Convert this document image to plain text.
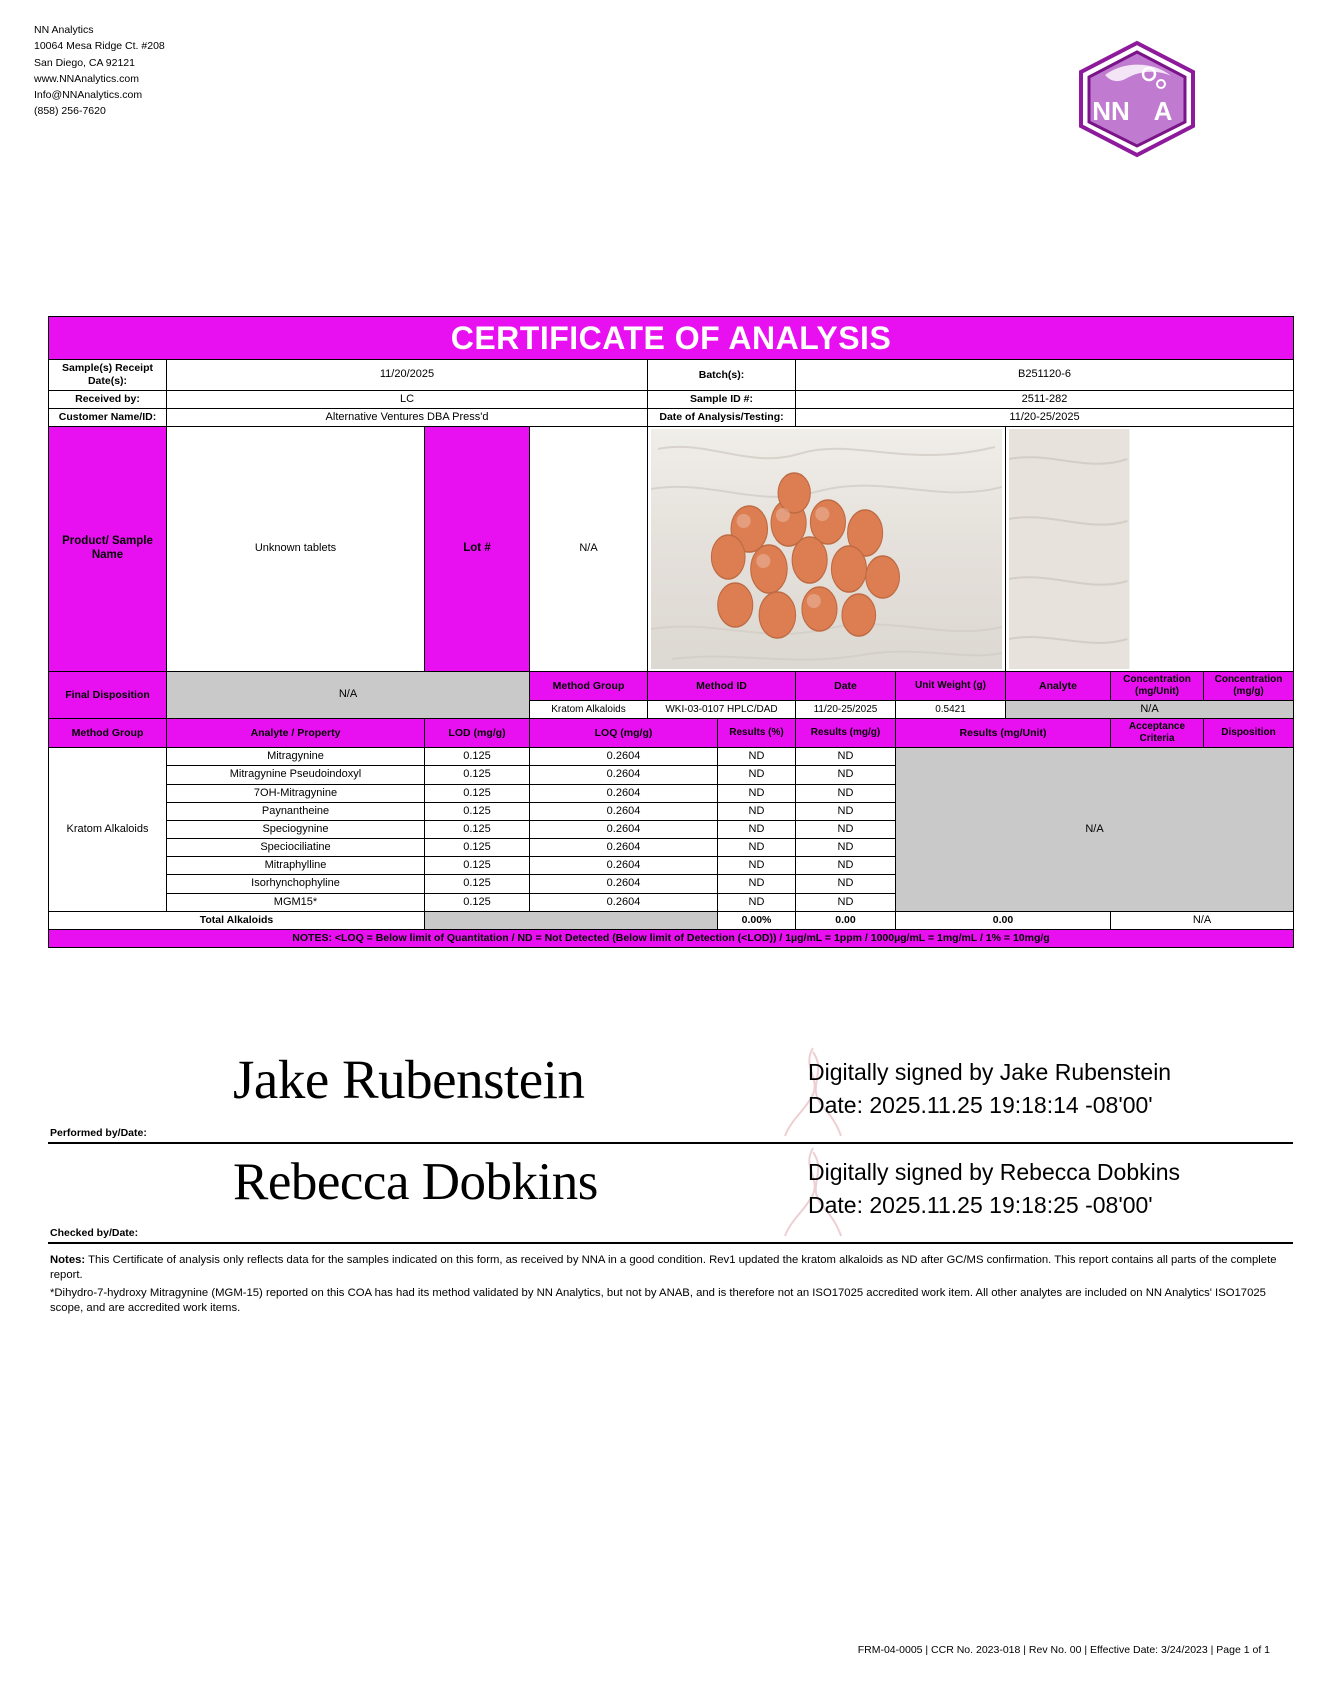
NN Analytics
10064 Mesa Ridge Ct. #208
San Diego, CA 92121
www.NNAnalytics.com
Info@NNAnalytics.com
(858) 256-7620	NN A
CERTIFICATE OF ANALYSIS										
Sample(s) Receipt Date(s):	11/20/2025			Batch(s):		B251120-6				
Received by:	LC			Sample ID #:		2511-282				
Customer Name/ID:	Alternative Ventures DBA Press'd			Date of Analysis/Testing:		11/20-25/2025				
Product/ Sample Name	Unknown tablets	Lot #	N/A	

Final Disposition	N/A		Method Group	Method ID		Date	Unit Weight (g)	Analyte	Concentration (mg/Unit)	Concentration (mg/g)
			Kratom Alkaloids	WKI-03-0107 HPLC/DAD		11/20-25/2025	0.5421	N/A		
Method Group	Analyte / Property	LOD (mg/g)	LOQ (mg/g)		Results (%)	Results (mg/g)	Results (mg/Unit)		Acceptance Criteria	Disposition
Kratom Alkaloids	Mitragynine	0.125	0.2604		ND	ND	N/A			
	Mitragynine Pseudoindoxyl	0.125	0.2604		ND	ND				
	7OH-Mitragynine	0.125	0.2604		ND	ND				
	Paynantheine	0.125	0.2604		ND	ND				
	Speciogynine	0.125	0.2604		ND	ND				
	Speciociliatine	0.125	0.2604		ND	ND				
	Mitraphylline	0.125	0.2604		ND	ND				
	Isorhynchophyline	0.125	0.2604		ND	ND				
	MGM15*	0.125	0.2604		ND	ND				
Total Alkaloids					0.00%	0.00	0.00		N/A	
NOTES: <LOQ = Below limit of Quantitation / ND = Not Detected (Below limit of Detection (<LOD)) / 1µg/mL = 1ppm / 1000µg/mL = 1mg/mL / 1% = 10mg/g										
Performed by/Date:
Jake Rubenstein	Digitally signed by Jake Rubenstein
Date: 2025.11.25 19:18:14 -08'00'
Checked by/Date:
Rebecca Dobkins	Digitally signed by Rebecca Dobkins
Date: 2025.11.25 19:18:25 -08'00'

Notes: This Certificate of analysis only reflects data for the samples indicated on this form, as received by NNA in a good condition. Rev1 updated the kratom alkaloids as ND after GC/MS confirmation. This report contains all parts of the complete report.

*Dihydro-7-hydroxy Mitragynine (MGM-15) reported on this COA has had its method validated by NN Analytics, but not by ANAB, and is therefore not an ISO17025 accredited work item. All other analytes are included on NN Analytics' ISO17025 scope, and are accredited work items.

FRM-04-0005 | CCR No. 2023-018 | Rev No. 00 | Effective Date: 3/24/2023 | Page 1 of 1
